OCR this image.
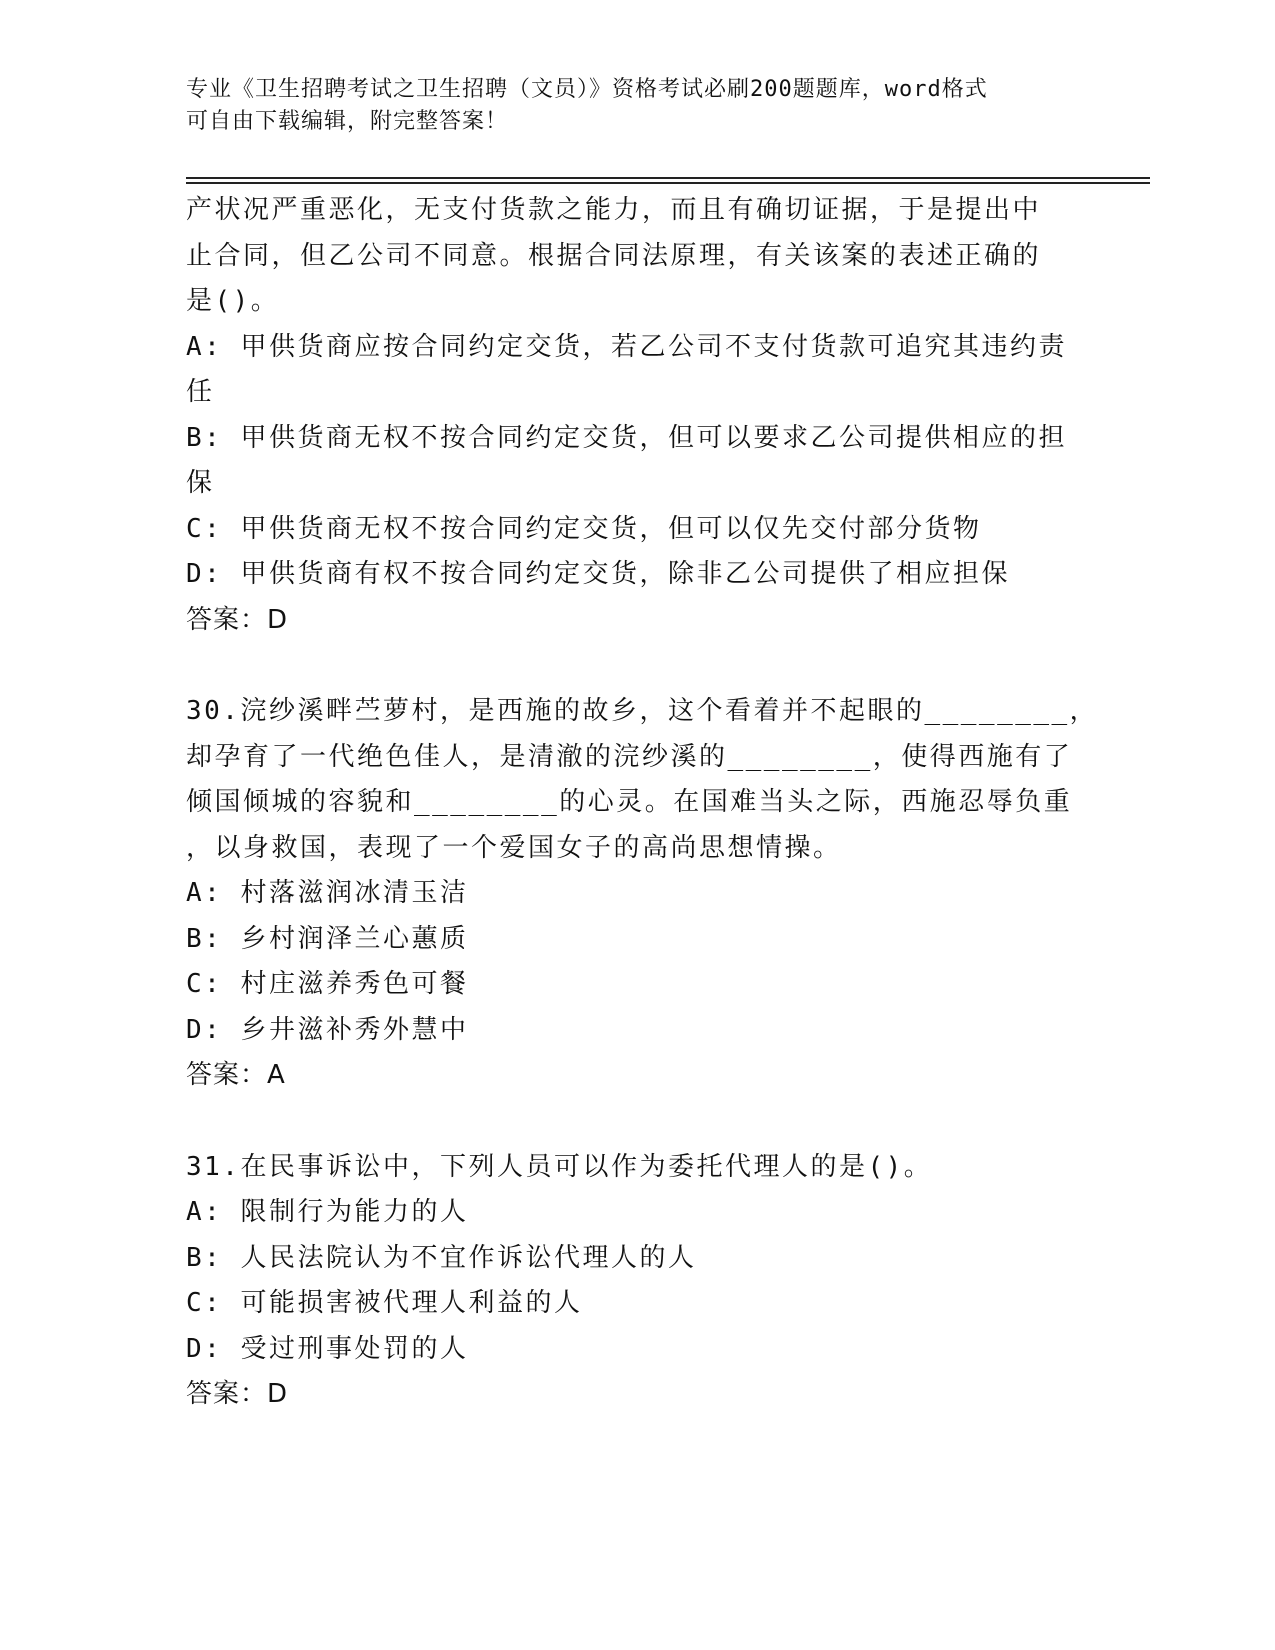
专业《卫生招聘考试之卫生招聘（文员）》资格考试必刷200题题库，word格式
可自由下载编辑，附完整答案！
产状况严重恶化，无支付货款之能力，而且有确切证据，于是提出中
止合同，但乙公司不同意。根据合同法原理，有关该案的表述正确的
是()。
A: 甲供货商应按合同约定交货，若乙公司不支付货款可追究其违约责
任
B: 甲供货商无权不按合同约定交货，但可以要求乙公司提供相应的担
保
C: 甲供货商无权不按合同约定交货，但可以仅先交付部分货物
D: 甲供货商有权不按合同约定交货，除非乙公司提供了相应担保
答案：D
30.浣纱溪畔苎萝村，是西施的故乡，这个看着并不起眼的________，
却孕育了一代绝色佳人，是清澈的浣纱溪的________，使得西施有了
倾国倾城的容貌和________的心灵。在国难当头之际，西施忍辱负重
，以身救国，表现了一个爱国女子的高尚思想情操。
A: 村落滋润冰清玉洁
B: 乡村润泽兰心蕙质
C: 村庄滋养秀色可餐
D: 乡井滋补秀外慧中
答案：A
31.在民事诉讼中，下列人员可以作为委托代理人的是()。
A: 限制行为能力的人
B: 人民法院认为不宜作诉讼代理人的人
C: 可能损害被代理人利益的人
D: 受过刑事处罚的人
答案：D
